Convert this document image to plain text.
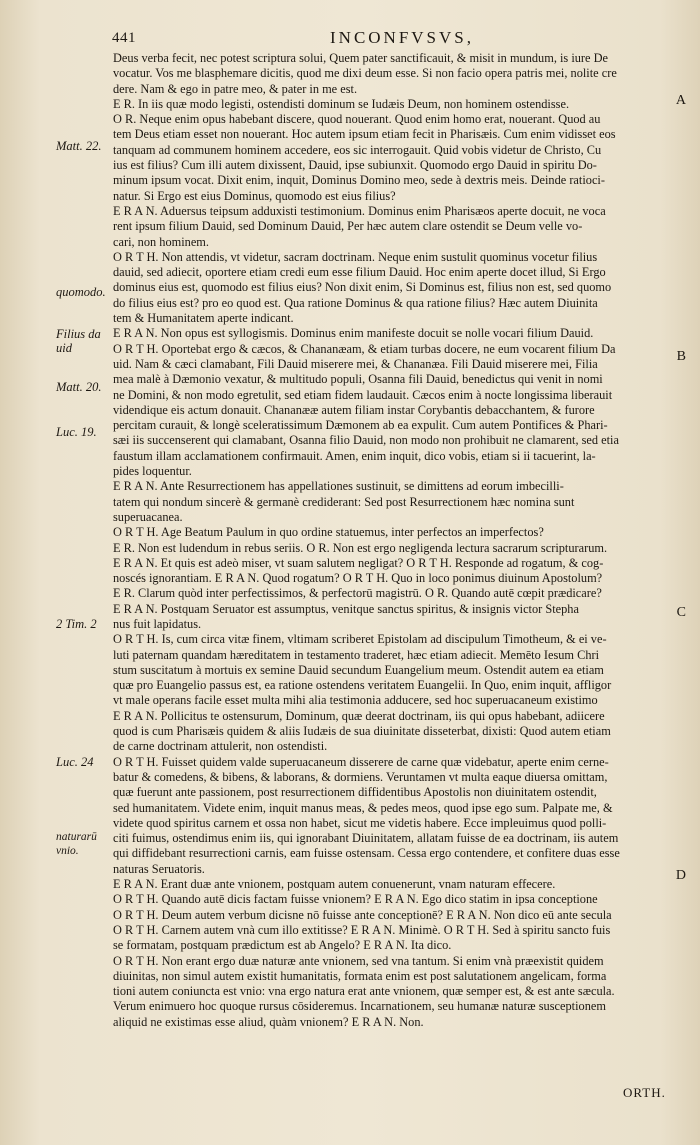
441	INCONFVSVS,
Deus verba fecit, nec potest scriptura solui, Quem pater sanctificauit, & misit in mundum, is iure De
vocatur. Vos me blasphemare dicitis, quod me dixi deum esse. Si non facio opera patris mei, nolite cre
dere. Nam & ego in patre meo, & pater in me est.
E R. In iis quæ modo legisti, ostendisti dominum se Iudæis Deum, non hominem ostendisse.
O R. Neque enim opus habebant discere, quod nouerant. Quod enim homo erat, nouerant. Quod au
tem Deus etiam esset non nouerant. Hoc autem ipsum etiam fecit in Pharisæis. Cum enim vidisset eos
tanquam ad communem hominem accedere, eos sic interrogauit. Quid vobis videtur de Christo, Cu
ius est filius? Cum illi autem dixissent, Dauid, ipse subiunxit. Quomodo ergo Dauid in spiritu Do-
minum ipsum vocat. Dixit enim, inquit, Dominus Domino meo, sede à dextris meis. Deinde ratioci-
natur. Si Ergo est eius Dominus, quomodo est eius filius?
E R A N. Aduersus teipsum adduxisti testimonium. Dominus enim Pharisæos aperte docuit, ne voca
rent ipsum filium Dauid, sed Dominum Dauid, Per hæc autem clare ostendit se Deum velle vo-
cari, non hominem.
O R T H. Non attendis, vt videtur, sacram doctrinam. Neque enim sustulit quominus vocetur filius
dauid, sed adiecit, oportere etiam credi eum esse filium Dauid. Hoc enim aperte docet illud, Si Ergo
dominus eius est, quomodo est filius eius? Non dixit enim, Si Dominus est, filius non est, sed quomo
do filius eius est? pro eo quod est. Qua ratione Dominus & qua ratione filius? Hæc autem Diuinita
tem & Humanitatem aperte indicant.
E R A N. Non opus est syllogismis. Dominus enim manifeste docuit se nolle vocari filium Dauid.
O R T H. Oportebat ergo & cæcos, & Chananæam, & etiam turbas docere, ne eum vocarent filium Da
uid. Nam & cæci clamabant, Fili Dauid miserere mei, & Chananæa. Fili Dauid miserere mei, Filia
mea malè à Dæmonio vexatur, & multitudo populi, Osanna fili Dauid, benedictus qui venit in nomi
ne Domini, & non modo egretulit, sed etiam fidem laudauit. Cæcos enim à nocte longissima liberauit
videndique eis actum donauit. Chananææ autem filiam instar Corybantis debacchantem, & furore
percitam curauit, & longè sceleratissimum Dæmonem ab ea expulit. Cum autem Pontifices & Phari-
sæi iis succenserent qui clamabant, Osanna filio Dauid, non modo non prohibuit ne clamarent, sed etia
faustum illam acclamationem confirmauit. Amen, enim inquit, dico vobis, etiam si ii tacuerint, la-
pides loquentur.
E R A N. Ante Resurrectionem has appellationes sustinuit, se dimittens ad eorum imbecilli-
tatem qui nondum sincerè & germanè crediderant: Sed post Resurrectionem hæc nomina sunt
superuacanea.
O R T H. Age Beatum Paulum in quo ordine statuemus, inter perfectos an imperfectos?
E R. Non est ludendum in rebus seriis. O R. Non est ergo negligenda lectura sacrarum scripturarum.
E R A N. Et quis est adeò miser, vt suam salutem negligat? O R T H. Responde ad rogatum, & cog-
noscés ignorantiam. E R A N. Quod rogatum? O R T H. Quo in loco ponimus diuinum Apostolum?
E R. Clarum quòd inter perfectissimos, & perfectorū magistrū. O R. Quando autē cœpit prædicare?
E R A N. Postquam Seruator est assumptus, venitque sanctus spiritus, & insignis victor Stepha
nus fuit lapidatus.
O R T H. Is, cum circa vitæ finem, vltimam scriberet Epistolam ad discipulum Timotheum, & ei ve-
luti paternam quandam hæreditatem in testamento traderet, hæc etiam adiecit. Memēto Iesum Chri
stum suscitatum à mortuis ex semine Dauid secundum Euangelium meum. Ostendit autem ea etiam
quæ pro Euangelio passus est, ea ratione ostendens veritatem Euangelii. In Quo, enim inquit, affligor
vt male operans facile esset multa mihi alia testimonia adducere, sed hoc superuacaneum existimo
E R A N. Pollicitus te ostensurum, Dominum, quæ deerat doctrinam, iis qui opus habebant, adiicere
quod is cum Pharisæis quidem & aliis Iudæis de sua diuinitate disseterbat, dixisti: Quod autem etiam
de carne doctrinam attulerit, non ostendisti.
O R T H. Fuisset quidem valde superuacaneum disserere de carne quæ videbatur, aperte enim cerne-
batur & comedens, & bibens, & laborans, & dormiens. Veruntamen vt multa eaque diuersa omittam,
quæ fuerunt ante passionem, post resurrectionem diffidentibus Apostolis non diuinitatem ostendit,
sed humanitatem. Videte enim, inquit manus meas, & pedes meos, quod ipse ego sum. Palpate me, &
videte quod spiritus carnem et ossa non habet, sicut me videtis habere. Ecce impleuimus quod polli-
citi fuimus, ostendimus enim iis, qui ignorabant Diuinitatem, allatam fuisse de ea doctrinam, iis autem
qui diffidebant resurrectioni carnis, eam fuisse ostensam. Cessa ergo contendere, et confitere duas esse
naturas Seruatoris.
E R A N. Erant duæ ante vnionem, postquam autem conuenerunt, vnam naturam effecere.
O R T H. Quando autē dicis factam fuisse vnionem? E R A N. Ego dico statim in ipsa conceptione
O R T H. Deum autem verbum dicisne nō fuisse ante conceptionē? E R A N. Non dico eū ante secula
O R T H. Carnem autem vnà cum illo extitisse? E R A N. Minimè. O R T H. Sed à spiritu sancto fuis
se formatam, postquam prædictum est ab Angelo? E R A N. Ita dico.
O R T H. Non erant ergo duæ naturæ ante vnionem, sed vna tantum. Si enim vnà præexistit quidem
diuinitas, non simul autem existit humanitatis, formata enim est post salutationem angelicam, forma
tioni autem coniuncta est vnio: vna ergo natura erat ante vnionem, quæ semper est, & est ante sæcula.
Verum enimuero hoc quoque rursus cōsideremus. Incarnationem, seu humanæ naturæ susceptionem
aliquid ne existimas esse aliud, quàm vnionem? E R A N. Non.
Matt. 22.
quomodo.
Filius da uid
Matt. 20.
Luc. 19.
2 Tim. 2
Luc. 24
naturarū vnio.
A
B
C
D
ORTH.
